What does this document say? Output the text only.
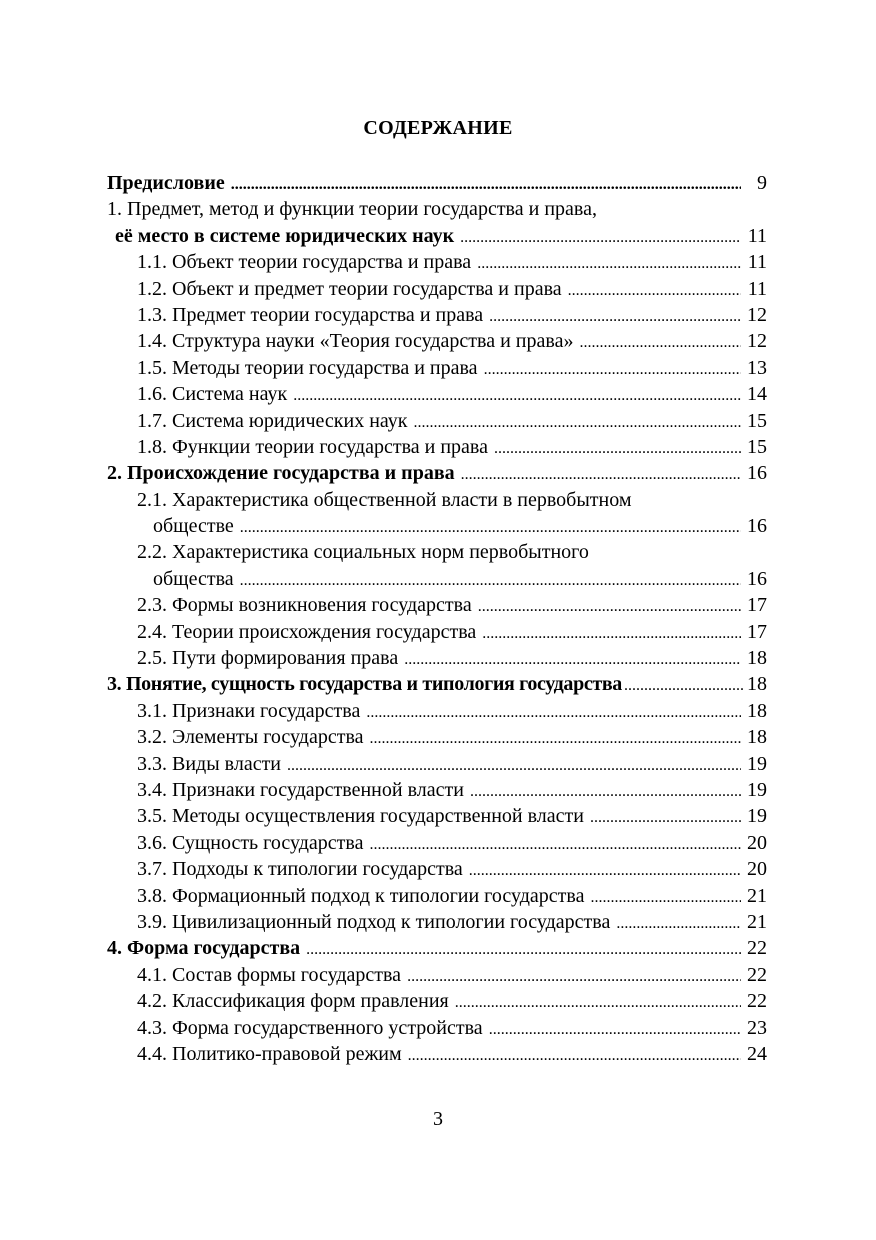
СОДЕРЖАНИЕ
Предисловие .....	9
1. Предмет, метод и функции теории государства и права,
её место в системе юридических наук .....	11
1.1. Объект теории государства и права .....	11
1.2. Объект и предмет теории государства и права .....	11
1.3. Предмет теории государства и права .....	12
1.4. Структура науки «Теория государства и права» .....	12
1.5. Методы теории государства и права .....	13
1.6. Система наук .....	14
1.7. Система юридических наук .....	15
1.8. Функции теории государства и права .....	15
2. Происхождение государства и права .....	16
2.1. Характеристика общественной власти в первобытном
обществе .....	16
2.2. Характеристика социальных норм первобытного
общества .....	16
2.3. Формы возникновения государства .....	17
2.4. Теории происхождения государства .....	17
2.5. Пути формирования права .....	18
3. Понятие, сущность государства и типология государства .....	18
3.1. Признаки государства .....	18
3.2. Элементы государства .....	18
3.3. Виды власти .....	19
3.4. Признаки государственной власти .....	19
3.5. Методы осуществления государственной власти .....	19
3.6. Сущность государства .....	20
3.7. Подходы к типологии государства .....	20
3.8. Формационный подход к типологии государства .....	21
3.9. Цивилизационный подход к типологии государства .....	21
4. Форма государства .....	22
4.1. Состав формы государства .....	22
4.2. Классификация форм правления .....	22
4.3. Форма государственного устройства .....	23
4.4. Политико-правовой режим .....	24
3
